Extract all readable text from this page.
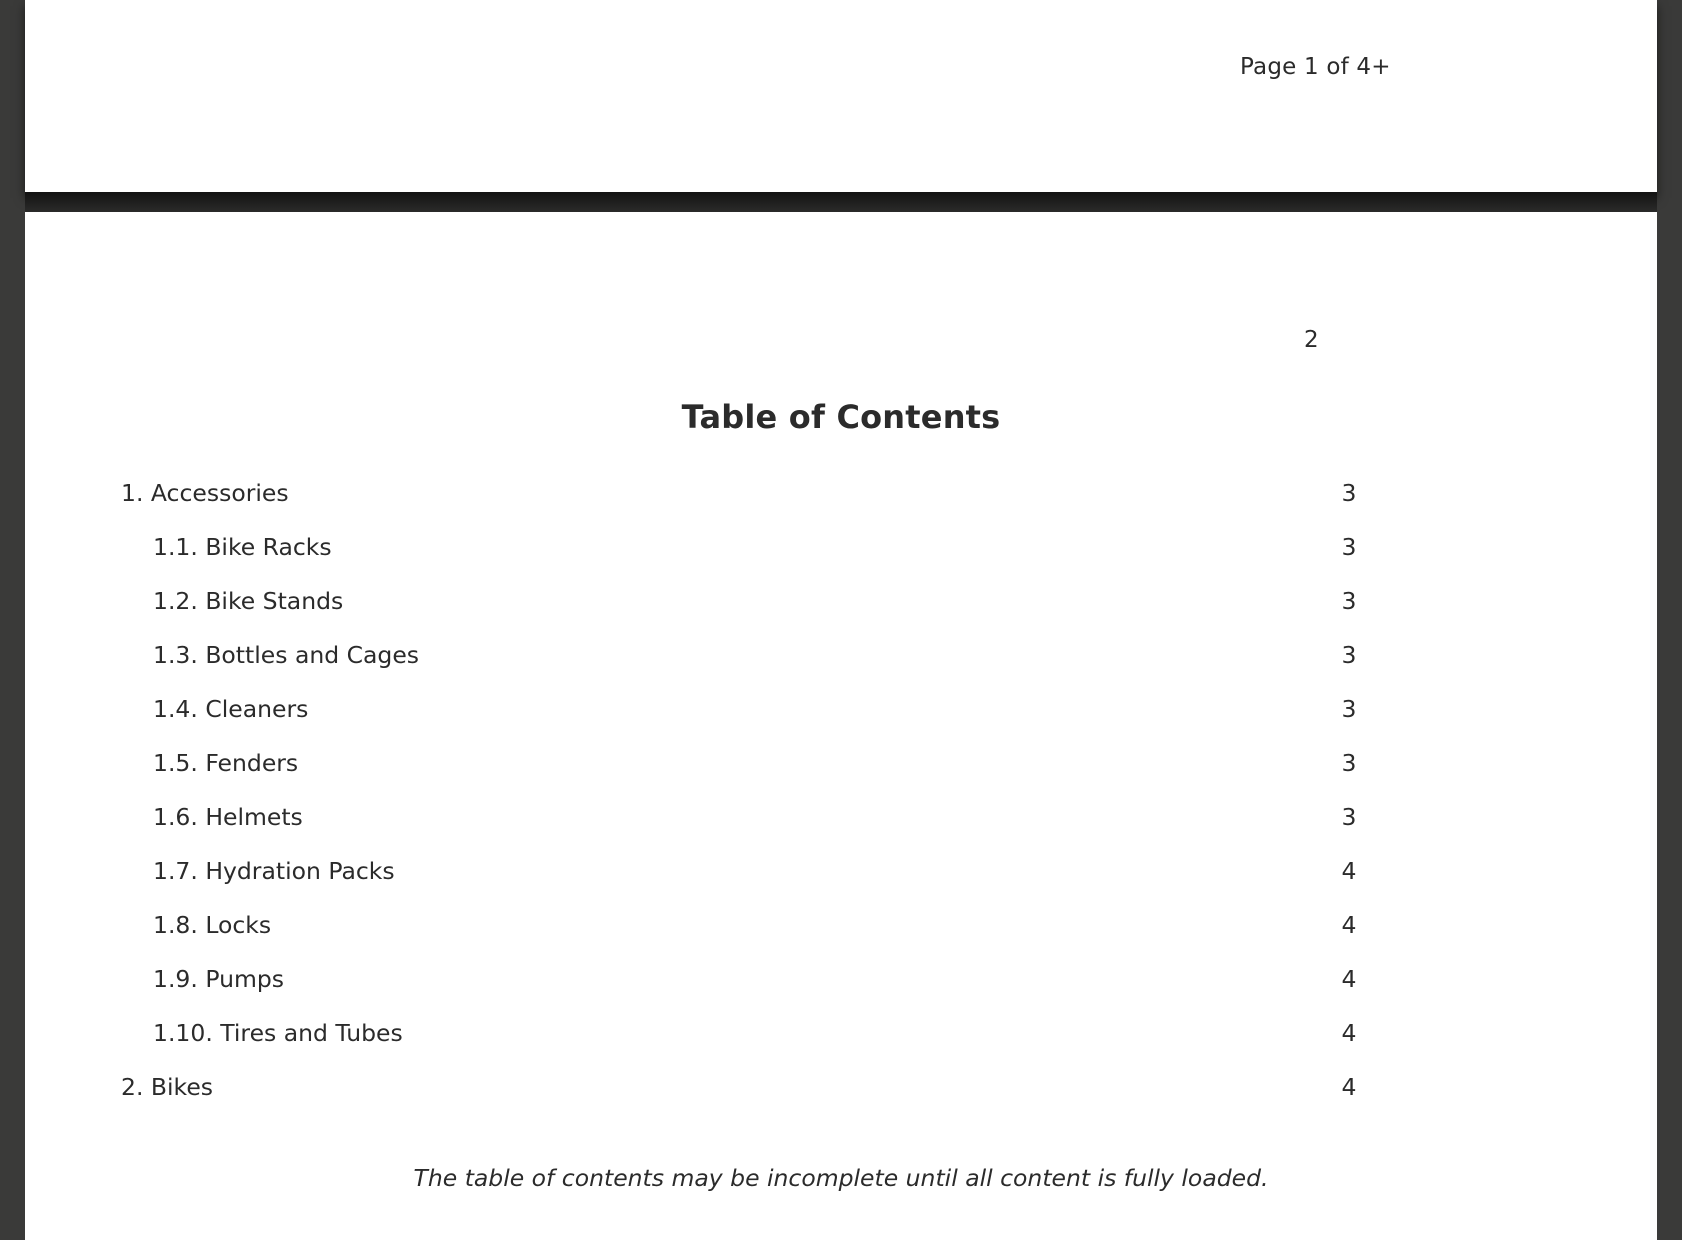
Page 1 of 4+
2
Table of Contents
1. Accessories	3
1.1. Bike Racks	3
1.2. Bike Stands	3
1.3. Bottles and Cages	3
1.4. Cleaners	3
1.5. Fenders	3
1.6. Helmets	3
1.7. Hydration Packs	4
1.8. Locks	4
1.9. Pumps	4
1.10. Tires and Tubes	4
2. Bikes	4
The table of contents may be incomplete until all content is fully loaded.
